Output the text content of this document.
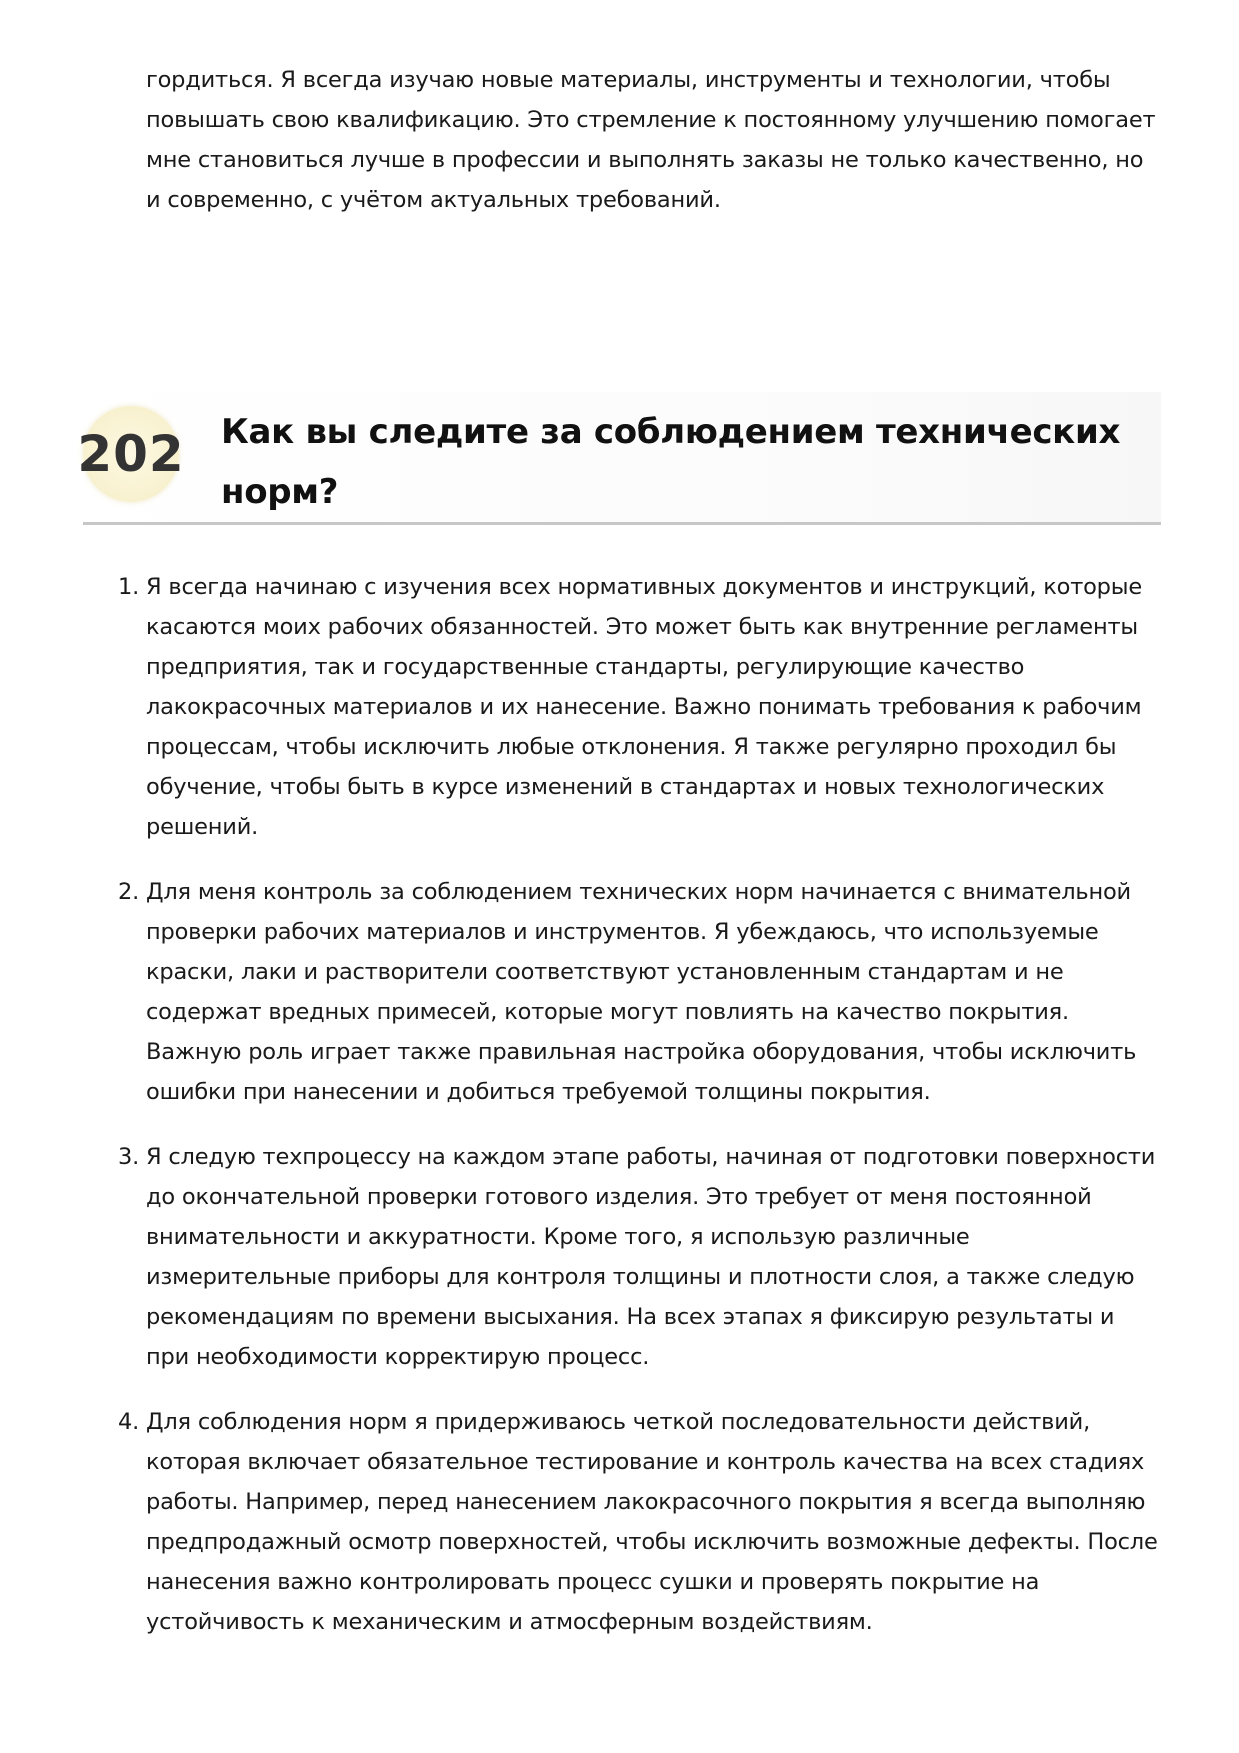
гордиться. Я всегда изучаю новые материалы, инструменты и технологии, чтобы повышать свою квалификацию. Это стремление к постоянному улучшению помогает мне становиться лучше в профессии и выполнять заказы не только качественно, но и современно, с учётом актуальных требований.

202 Как вы следите за соблюдением технических норм?
1. Я всегда начинаю с изучения всех нормативных документов и инструкций, которые касаются моих рабочих обязанностей. Это может быть как внутренние регламенты предприятия, так и государственные стандарты, регулирующие качество лакокрасочных материалов и их нанесение. Важно понимать требования к рабочим процессам, чтобы исключить любые отклонения. Я также регулярно проходил бы обучение, чтобы быть в курсе изменений в стандартах и новых технологических решений.
2. Для меня контроль за соблюдением технических норм начинается с внимательной проверки рабочих материалов и инструментов. Я убеждаюсь, что используемые краски, лаки и растворители соответствуют установленным стандартам и не содержат вредных примесей, которые могут повлиять на качество покрытия. Важную роль играет также правильная настройка оборудования, чтобы исключить ошибки при нанесении и добиться требуемой толщины покрытия.
3. Я следую техпроцессу на каждом этапе работы, начиная от подготовки поверхности до окончательной проверки готового изделия. Это требует от меня постоянной внимательности и аккуратности. Кроме того, я использую различные измерительные приборы для контроля толщины и плотности слоя, а также следую рекомендациям по времени высыхания. На всех этапах я фиксирую результаты и при необходимости корректирую процесс.
4. Для соблюдения норм я придерживаюсь четкой последовательности действий, которая включает обязательное тестирование и контроль качества на всех стадиях работы. Например, перед нанесением лакокрасочного покрытия я всегда выполняю предпродажный осмотр поверхностей, чтобы исключить возможные дефекты. После нанесения важно контролировать процесс сушки и проверять покрытие на устойчивость к механическим и атмосферным воздействиям.
